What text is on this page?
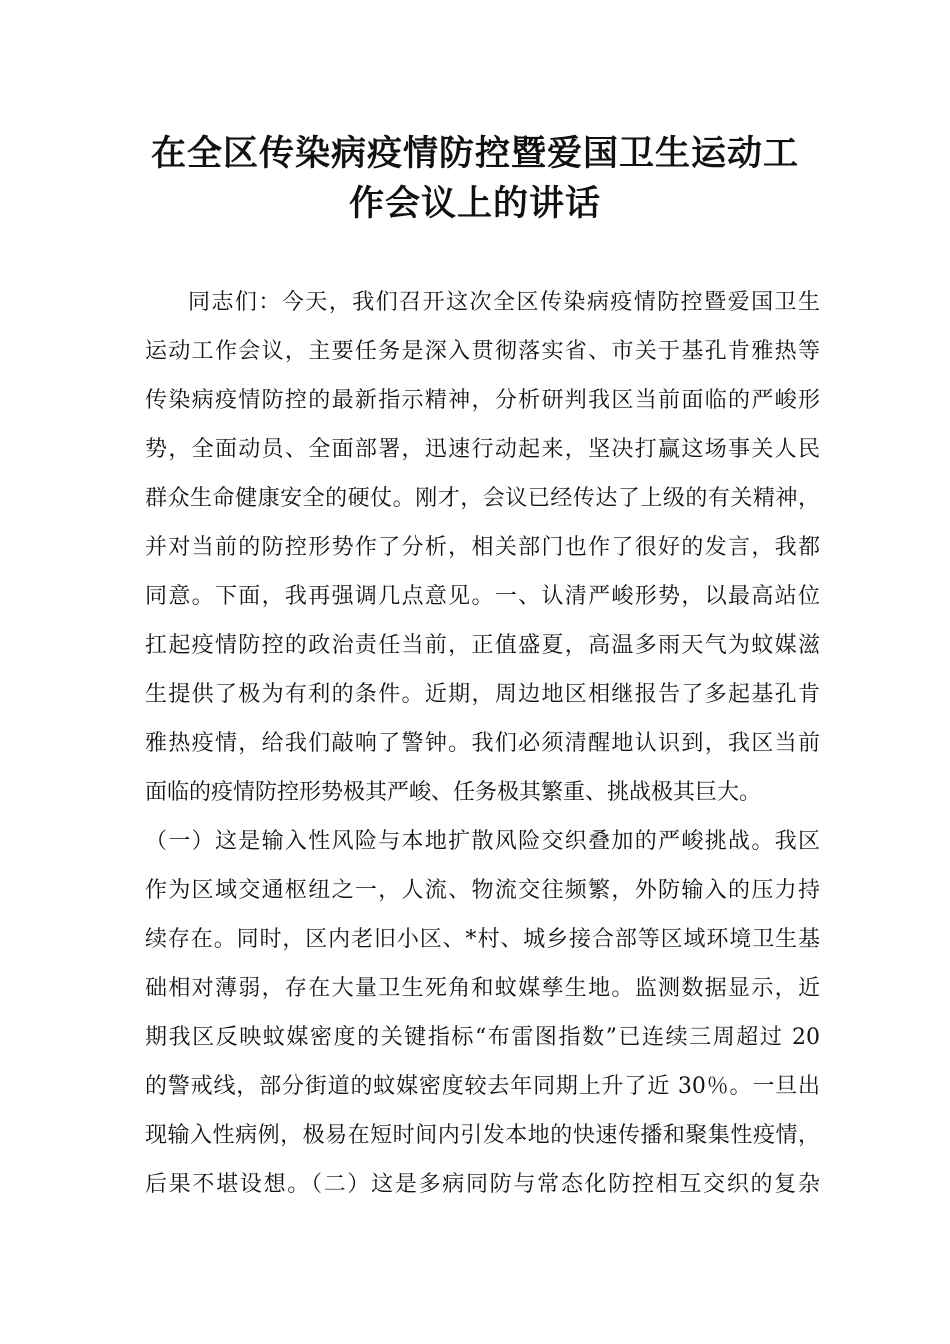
在全区传染病疫情防控暨爱国卫生运动工
作会议上的讲话
同志们：今天，我们召开这次全区传染病疫情防控暨爱国卫生
运动工作会议，主要任务是深入贯彻落实省、市关于基孔肯雅热等
传染病疫情防控的最新指示精神，分析研判我区当前面临的严峻形
势，全面动员、全面部署，迅速行动起来，坚决打赢这场事关人民
群众生命健康安全的硬仗。刚才，会议已经传达了上级的有关精神，
并对当前的防控形势作了分析，相关部门也作了很好的发言，我都
同意。下面，我再强调几点意见。一、认清严峻形势，以最高站位
扛起疫情防控的政治责任当前，正值盛夏，高温多雨天气为蚊媒滋
生提供了极为有利的条件。近期，周边地区相继报告了多起基孔肯
雅热疫情，给我们敲响了警钟。我们必须清醒地认识到，我区当前
面临的疫情防控形势极其严峻、任务极其繁重、挑战极其巨大。
（一）这是输入性风险与本地扩散风险交织叠加的严峻挑战。我区
作为区域交通枢纽之一，人流、物流交往频繁，外防输入的压力持
续存在。同时，区内老旧小区、*村、城乡接合部等区域环境卫生基
础相对薄弱，存在大量卫生死角和蚊媒孳生地。监测数据显示，近
期我区反映蚊媒密度的关键指标“布雷图指数”已连续三周超过 20
的警戒线，部分街道的蚊媒密度较去年同期上升了近 30％。一旦出
现输入性病例，极易在短时间内引发本地的快速传播和聚集性疫情，
后果不堪设想。（二）这是多病同防与常态化防控相互交织的复杂
